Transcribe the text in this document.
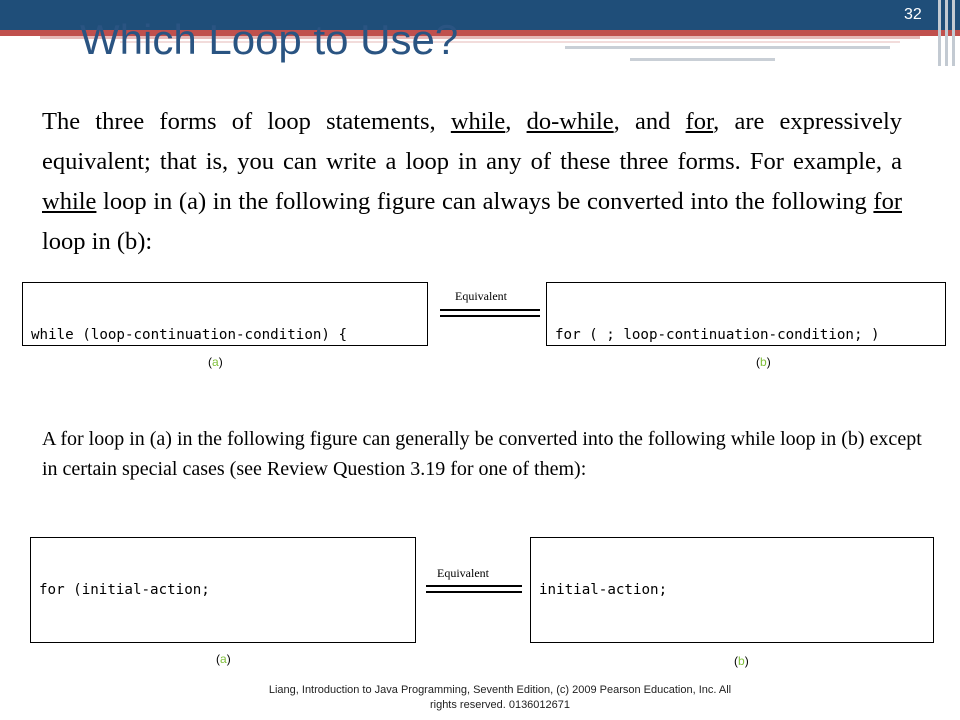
Which Loop to Use?
32
The three forms of loop statements, while, do-while, and for, are expressively equivalent; that is, you can write a loop in any of these three forms. For example, a while loop in (a) in the following figure can always be converted into the following for loop in (b):

while (loop-continuation-condition) {

Equivalent

for ( ; loop-continuation-condition; )

(a)	(b)
A for loop in (a) in the following figure can generally be converted into the following while loop in (b) except in certain special cases (see Review Question 3.19 for one of them):

for (initial-action;

Equivalent

initial-action;

(a)	(b)
Liang, Introduction to Java Programming, Seventh Edition, (c) 2009 Pearson Education, Inc. All
rights reserved. 0136012671
